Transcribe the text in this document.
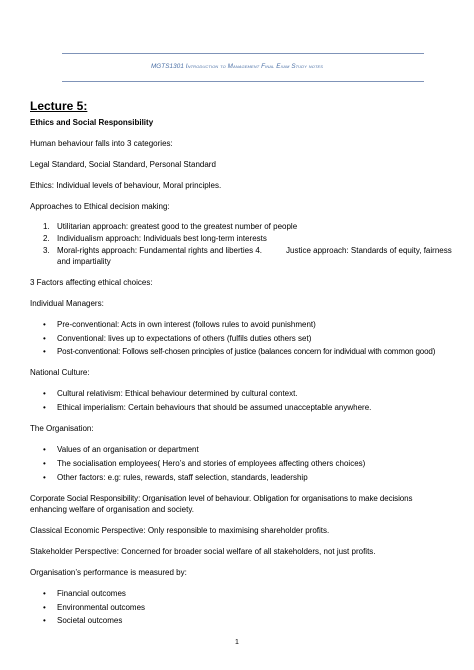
MGTS1301 Introduction to Management Final Exam Study notes
Lecture 5:
Ethics and Social Responsibility
Human behaviour falls into 3 categories:
Legal Standard, Social Standard, Personal Standard
Ethics: Individual levels of behaviour, Moral principles.
Approaches to Ethical decision making:
1. Utilitarian approach: greatest good to the greatest number of people
2. Individualism approach: Individuals best long-term interests
3. Moral-rights approach: Fundamental rights and liberties 4.	Justice approach: Standards of equity, fairness
and impartiality
3 Factors affecting ethical choices:
Individual Managers:
• Pre-conventional: Acts in own interest (follows rules to avoid punishment)
• Conventional: lives up to expectations of others (fulfils duties others set)
• Post-conventional: Follows self-chosen principles of justice (balances concern for individual with common good)
National Culture:
• Cultural relativism: Ethical behaviour determined by cultural context.
• Ethical imperialism: Certain behaviours that should be assumed unacceptable anywhere.
The Organisation:
• Values of an organisation or department
• The socialisation employees( Hero’s and stories of employees affecting others choices)
• Other factors: e.g: rules, rewards, staff selection, standards, leadership
Corporate Social Responsibility: Organisation level of behaviour. Obligation for organisations to make decisions
enhancing welfare of organisation and society.
Classical Economic Perspective: Only responsible to maximising shareholder profits.
Stakeholder Perspective: Concerned for broader social welfare of all stakeholders, not just profits.
Organisation’s performance is measured by:
• Financial outcomes
• Environmental outcomes
• Societal outcomes
1
